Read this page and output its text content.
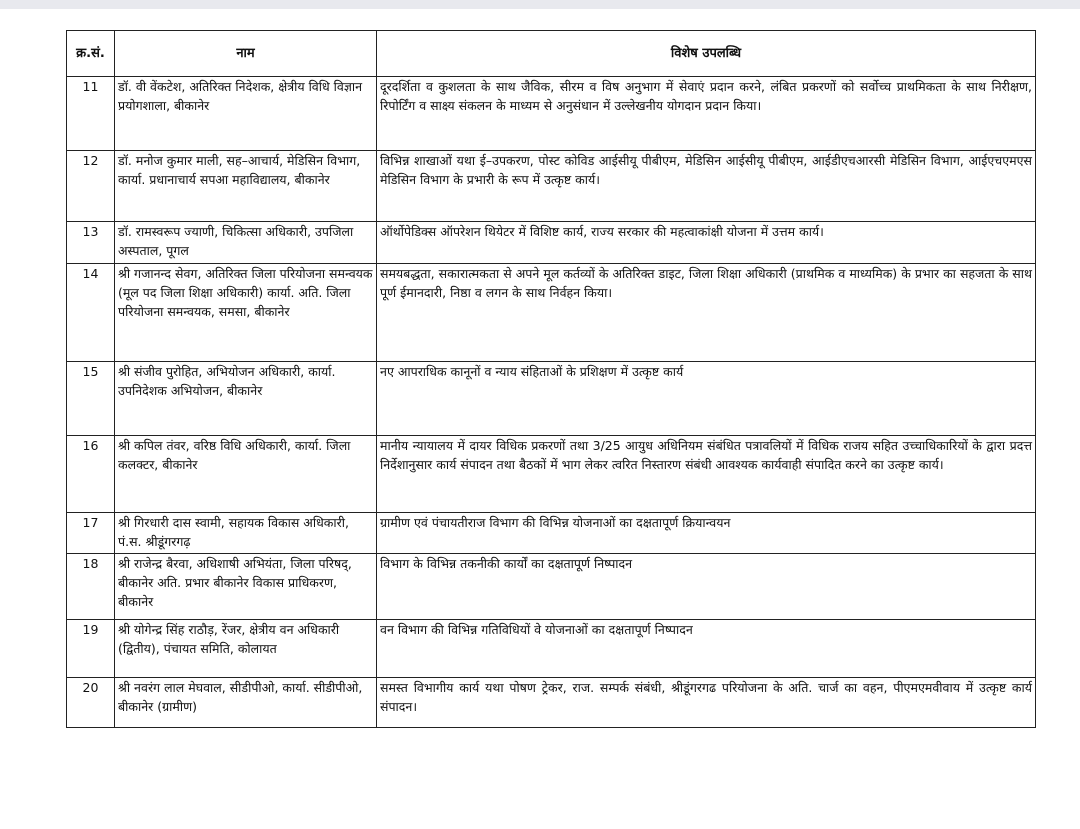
क्र.सं.	नाम	विशेष उपलब्धि
11	डॉ. वी वेंकटेश, अतिरिक्त निदेशक, क्षेत्रीय विधि विज्ञान प्रयोगशाला, बीकानेर	दूरदर्शिता व कुशलता के साथ जैविक, सीरम व विष अनुभाग में सेवाएं प्रदान करने, लंबित प्रकरणों को सर्वोच्च प्राथमिकता के साथ निरीक्षण, रिपोर्टिंग व साक्ष्य संकलन के माध्यम से अनुसंधान में उल्लेखनीय योगदान प्रदान किया।
12	डॉ. मनोज कुमार माली, सह–आचार्य, मेडिसिन विभाग, कार्या. प्रधानाचार्य सपआ महाविद्यालय, बीकानेर	विभिन्न शाखाओं यथा ई–उपकरण, पोस्ट कोविड आईसीयू पीबीएम, मेडिसिन आईसीयू पीबीएम, आईडीएचआरसी मेडिसिन विभाग, आईएचएमएस मेडिसिन विभाग के प्रभारी के रूप में उत्कृष्ट कार्य।
13	डॉ. रामस्वरूप ज्याणी, चिकित्सा अधिकारी, उपजिला अस्पताल, पूगल	ऑर्थोपेडिक्स ऑपरेशन थियेटर में विशिष्ट कार्य, राज्य सरकार की महत्वाकांक्षी योजना में उत्तम कार्य।
14	श्री गजानन्द सेवग, अतिरिक्त जिला परियोजना समन्वयक (मूल पद जिला शिक्षा अधिकारी) कार्या. अति. जिला परियोजना समन्वयक, समसा, बीकानेर	समयबद्धता, सकारात्मकता से अपने मूल कर्तव्यों के अतिरिक्त डाइट, जिला शिक्षा अधिकारी (प्राथमिक व माध्यमिक) के प्रभार का सहजता के साथ पूर्ण ईमानदारी, निष्ठा व लगन के साथ निर्वहन किया।
15	श्री संजीव पुरोहित, अभियोजन अधिकारी, कार्या. उपनिदेशक अभियोजन, बीकानेर	नए आपराधिक कानूनों व न्याय संहिताओं के प्रशिक्षण में उत्कृष्ट कार्य
16	श्री कपिल तंवर, वरिष्ठ विधि अधिकारी, कार्या. जिला कलक्टर, बीकानेर	मानीय न्यायालय में दायर विधिक प्रकरणों तथा 3/25 आयुध अधिनियम संबंधित पत्रावलियों में विधिक राजय सहित उच्चाधिकारियों के द्वारा प्रदत्त निर्देशानुसार कार्य संपादन तथा बैठकों में भाग लेकर त्वरित निस्तारण संबंधी आवश्यक कार्यवाही संपादित करने का उत्कृष्ट कार्य।
17	श्री गिरधारी दास स्वामी, सहायक विकास अधिकारी, पं.स. श्रीडूंगरगढ़	ग्रामीण एवं पंचायतीराज विभाग की विभिन्न योजनाओं का दक्षतापूर्ण क्रियान्वयन
18	श्री राजेन्द्र बैरवा, अधिशाषी अभियंता, जिला परिषद्, बीकानेर अति. प्रभार बीकानेर विकास प्राधिकरण, बीकानेर	विभाग के विभिन्न तकनीकी कार्यों का दक्षतापूर्ण निष्पादन
19	श्री योगेन्द्र सिंह राठौड़, रेंजर, क्षेत्रीय वन अधिकारी (द्वितीय), पंचायत समिति, कोलायत	वन विभाग की विभिन्न गतिविधियों वे योजनाओं का दक्षतापूर्ण निष्पादन
20	श्री नवरंग लाल मेघवाल, सीडीपीओ, कार्या. सीडीपीओ, बीकानेर (ग्रामीण)	समस्त विभागीय कार्य यथा पोषण ट्रेकर, राज. सम्पर्क संबंधी, श्रीडूंगरगढ परियोजना के अति. चार्ज का वहन, पीएमएमवीवाय में उत्कृष्ट कार्य संपादन।
